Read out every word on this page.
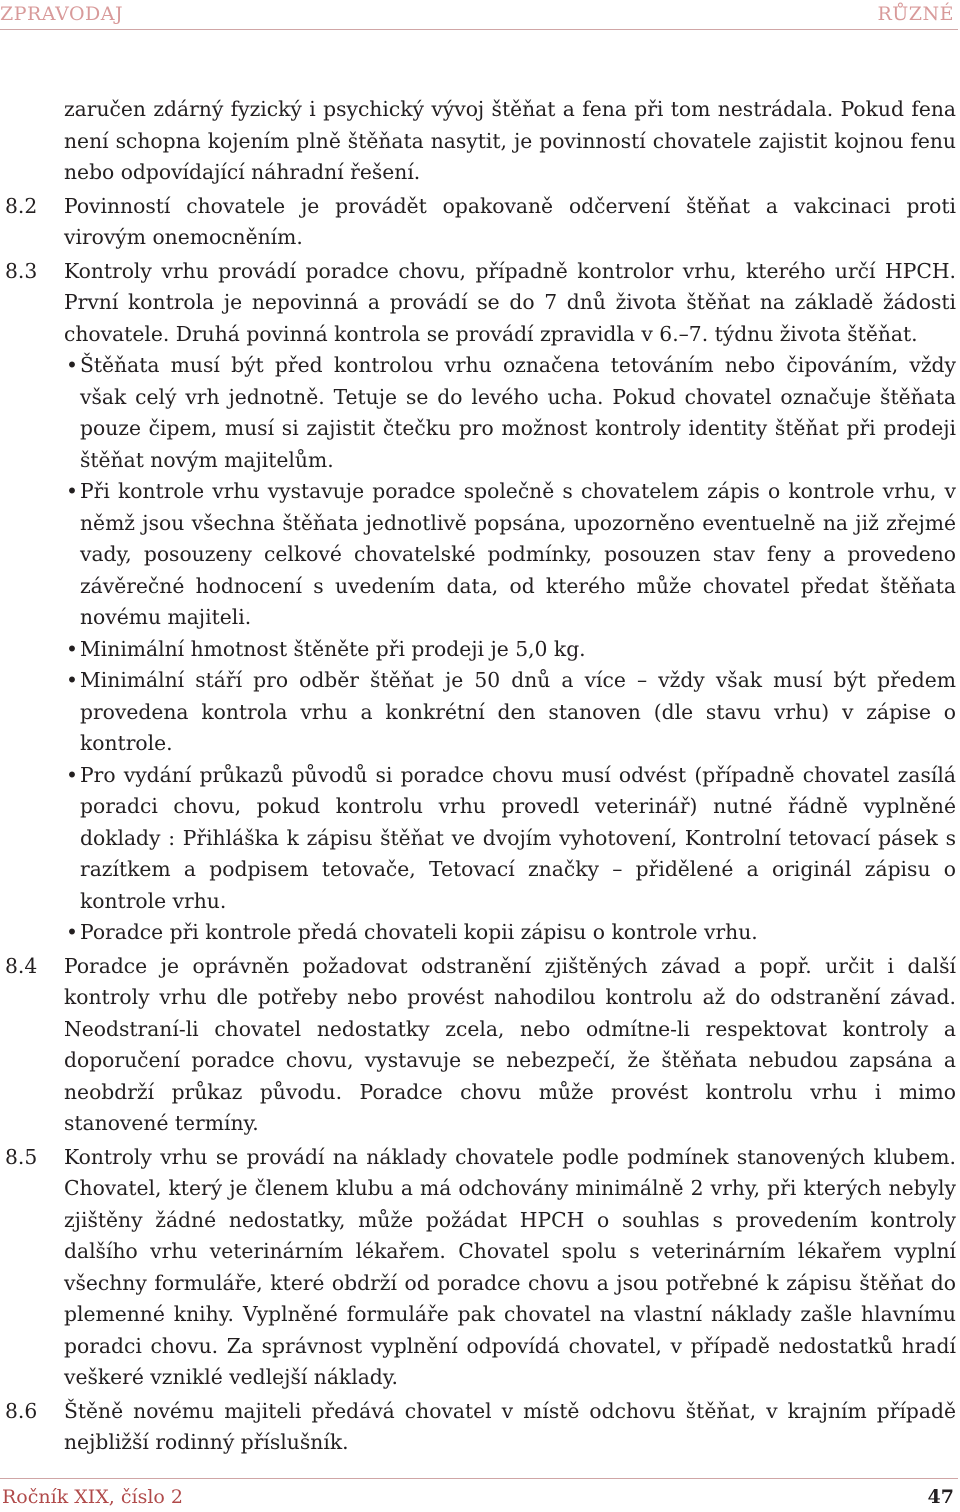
ZPRAVODAJ	RŮZNÉ
zaručen zdárný fyzický i psychický vývoj štěňat a fena při tom nestrádala. Pokud fena není schopna kojením plně štěňata nasytit, je povinností chovatele zajistit kojnou fenu nebo odpovídající náhradní řešení.
8.2 Povinností chovatele je provádět opakovaně odčervení štěňat a vakcinaci proti virovým onemocněním.
8.3 Kontroly vrhu provádí poradce chovu, případně kontrolor vrhu, kterého určí HPCH. První kontrola je nepovinná a provádí se do 7 dnů života štěňat na základě žádosti chovatele. Druhá povinná kontrola se provádí zpravidla v 6.–7. týdnu života štěňat.
• Štěňata musí být před kontrolou vrhu označena tetováním nebo čipováním, vždy však celý vrh jednotně. Tetuje se do levého ucha. Pokud chovatel označuje štěňata pouze čipem, musí si zajistit čtečku pro možnost kontroly identity štěňat při prodeji štěňat novým majitelům.
• Při kontrole vrhu vystavuje poradce společně s chovatelem zápis o kontrole vrhu, v němž jsou všechna štěňata jednotlivě popsána, upozorněno eventuelně na již zřejmé vady, posouzeny celkové chovatelské podmínky, posouzen stav feny a provedeno závěrečné hodnocení s uvedením data, od kterého může chovatel předat štěňata novému majiteli.
• Minimální hmotnost štěněte při prodeji je 5,0 kg.
• Minimální stáří pro odběr štěňat je 50 dnů a více – vždy však musí být předem provedena kontrola vrhu a konkrétní den stanoven (dle stavu vrhu) v zápise o kontrole.
• Pro vydání průkazů původů si poradce chovu musí odvést (případně chovatel zasílá poradci chovu, pokud kontrolu vrhu provedl veterinář) nutné řádně vyplněné doklady : Přihláška k zápisu štěňat ve dvojím vyhotovení, Kontrolní tetovací pásek s razítkem a podpisem tetovače, Tetovací značky – přidělené a originál zápisu o kontrole vrhu.
• Poradce při kontrole předá chovateli kopii zápisu o kontrole vrhu.
8.4 Poradce je oprávněn požadovat odstranění zjištěných závad a popř. určit i další kontroly vrhu dle potřeby nebo provést nahodilou kontrolu až do odstranění závad. Neodstraní-li chovatel nedostatky zcela, nebo odmítne-li respektovat kontroly a doporučení poradce chovu, vystavuje se nebezpečí, že štěňata nebudou zapsána a neobdrží průkaz původu. Poradce chovu může provést kontrolu vrhu i mimo stanovené termíny.
8.5 Kontroly vrhu se provádí na náklady chovatele podle podmínek stanovených klubem. Chovatel, který je členem klubu a má odchovány minimálně 2 vrhy, při kterých nebyly zjištěny žádné nedostatky, může požádat HPCH o souhlas s provedením kontroly dalšího vrhu veterinárním lékařem. Chovatel spolu s veterinárním lékařem vyplní všechny formuláře, které obdrží od poradce chovu a jsou potřebné k zápisu štěňat do plemenné knihy. Vyplněné formuláře pak chovatel na vlastní náklady zašle hlavnímu poradci chovu. Za správnost vyplnění odpovídá chovatel, v případě nedostatků hradí veškeré vzniklé vedlejší náklady.
8.6 Štěně novému majiteli předává chovatel v místě odchovu štěňat, v krajním případě nejbližší rodinný příslušník.
Ročník XIX, číslo 2	47
